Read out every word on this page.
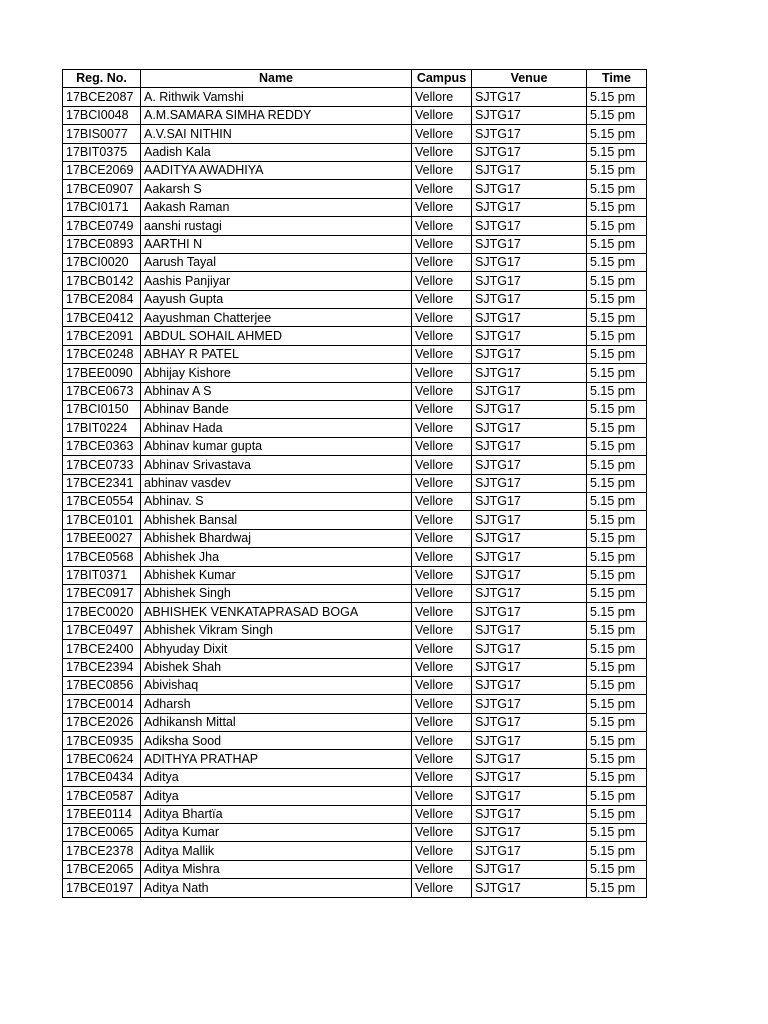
Reg. No.	Name	Campus	Venue	Time
17BCE2087	A. Rithwik Vamshi	Vellore	SJTG17	5.15 pm
17BCI0048	A.M.SAMARA SIMHA REDDY	Vellore	SJTG17	5.15 pm
17BIS0077	A.V.SAI NITHIN	Vellore	SJTG17	5.15 pm
17BIT0375	Aadish Kala	Vellore	SJTG17	5.15 pm
17BCE2069	AADITYA AWADHIYA	Vellore	SJTG17	5.15 pm
17BCE0907	Aakarsh S	Vellore	SJTG17	5.15 pm
17BCI0171	Aakash Raman	Vellore	SJTG17	5.15 pm
17BCE0749	aanshi rustagi	Vellore	SJTG17	5.15 pm
17BCE0893	AARTHI N	Vellore	SJTG17	5.15 pm
17BCI0020	Aarush Tayal	Vellore	SJTG17	5.15 pm
17BCB0142	Aashis Panjiyar	Vellore	SJTG17	5.15 pm
17BCE2084	Aayush Gupta	Vellore	SJTG17	5.15 pm
17BCE0412	Aayushman Chatterjee	Vellore	SJTG17	5.15 pm
17BCE2091	ABDUL SOHAIL AHMED	Vellore	SJTG17	5.15 pm
17BCE0248	ABHAY R PATEL	Vellore	SJTG17	5.15 pm
17BEE0090	Abhijay Kishore	Vellore	SJTG17	5.15 pm
17BCE0673	Abhinav A S	Vellore	SJTG17	5.15 pm
17BCI0150	Abhinav Bande	Vellore	SJTG17	5.15 pm
17BIT0224	Abhinav Hada	Vellore	SJTG17	5.15 pm
17BCE0363	Abhinav kumar gupta	Vellore	SJTG17	5.15 pm
17BCE0733	Abhinav Srivastava	Vellore	SJTG17	5.15 pm
17BCE2341	abhinav vasdev	Vellore	SJTG17	5.15 pm
17BCE0554	Abhinav. S	Vellore	SJTG17	5.15 pm
17BCE0101	Abhishek Bansal	Vellore	SJTG17	5.15 pm
17BEE0027	Abhishek Bhardwaj	Vellore	SJTG17	5.15 pm
17BCE0568	Abhishek Jha	Vellore	SJTG17	5.15 pm
17BIT0371	Abhishek Kumar	Vellore	SJTG17	5.15 pm
17BEC0917	Abhishek Singh	Vellore	SJTG17	5.15 pm
17BEC0020	ABHISHEK VENKATAPRASAD BOGA	Vellore	SJTG17	5.15 pm
17BCE0497	Abhishek Vikram Singh	Vellore	SJTG17	5.15 pm
17BCE2400	Abhyuday Dixit	Vellore	SJTG17	5.15 pm
17BCE2394	Abishek Shah	Vellore	SJTG17	5.15 pm
17BEC0856	Abivishaq	Vellore	SJTG17	5.15 pm
17BCE0014	Adharsh	Vellore	SJTG17	5.15 pm
17BCE2026	Adhikansh Mittal	Vellore	SJTG17	5.15 pm
17BCE0935	Adiksha Sood	Vellore	SJTG17	5.15 pm
17BEC0624	ADITHYA PRATHAP	Vellore	SJTG17	5.15 pm
17BCE0434	Aditya	Vellore	SJTG17	5.15 pm
17BCE0587	Aditya	Vellore	SJTG17	5.15 pm
17BEE0114	Aditya Bhartïa	Vellore	SJTG17	5.15 pm
17BCE0065	Aditya Kumar	Vellore	SJTG17	5.15 pm
17BCE2378	Aditya Mallik	Vellore	SJTG17	5.15 pm
17BCE2065	Aditya Mishra	Vellore	SJTG17	5.15 pm
17BCE0197	Aditya Nath	Vellore	SJTG17	5.15 pm
